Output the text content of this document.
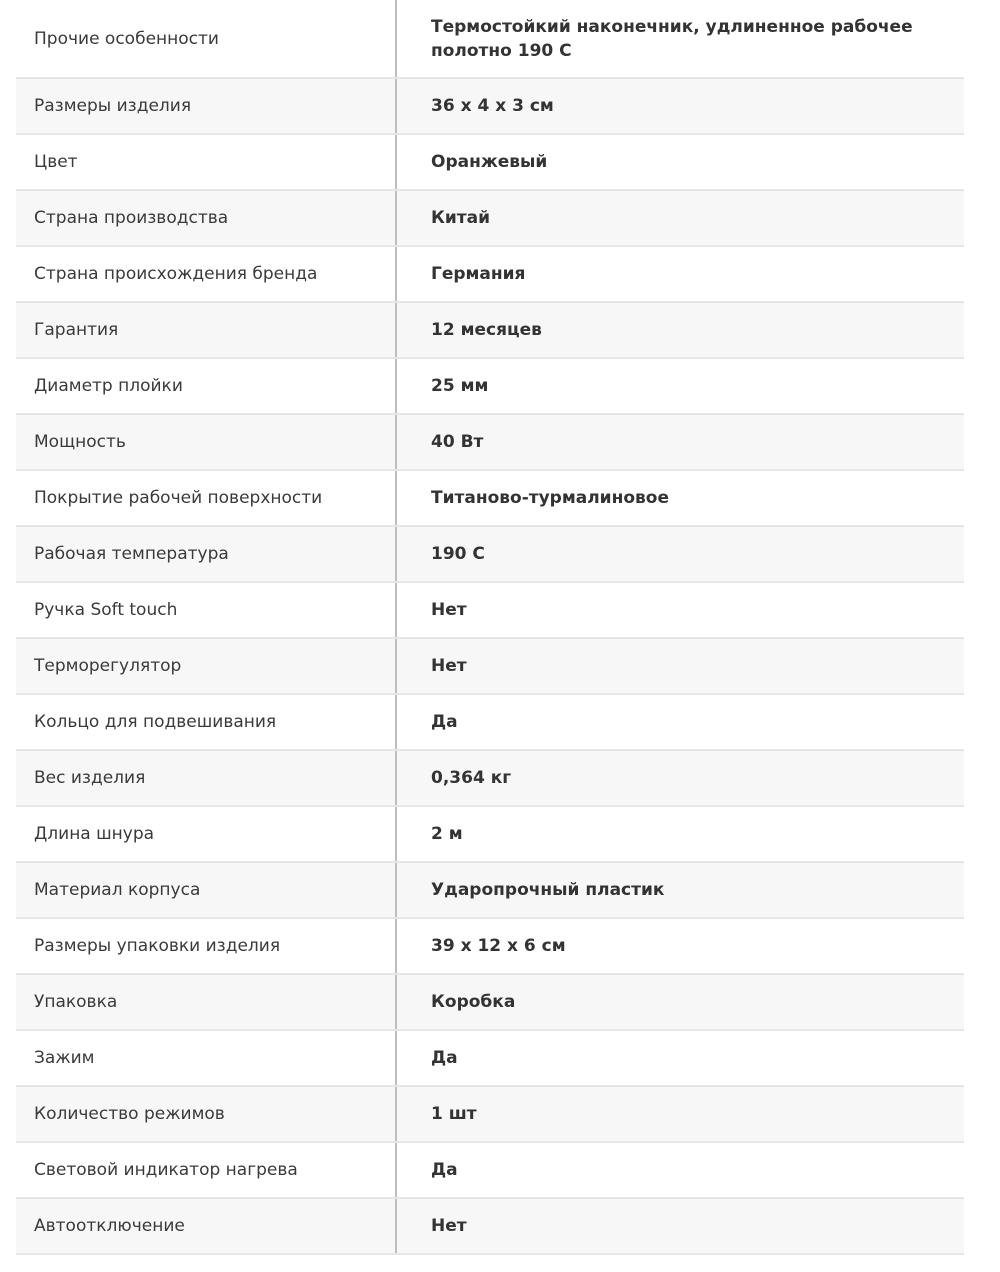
Прочие особенности	Термостойкий наконечник, удлиненное рабочее полотно 190 С
Размеры изделия	36 х 4 х 3 см
Цвет	Оранжевый
Страна производства	Китай
Страна происхождения бренда	Германия
Гарантия	12 месяцев
Диаметр плойки	25 мм
Мощность	40 Вт
Покрытие рабочей поверхности	Титаново-турмалиновое
Рабочая температура	190 С
Ручка Soft touch	Нет
Терморегулятор	Нет
Кольцо для подвешивания	Да
Вес изделия	0,364 кг
Длина шнура	2 м
Материал корпуса	Ударопрочный пластик
Размеры упаковки изделия	39 х 12 х 6 см
Упаковка	Коробка
Зажим	Да
Количество режимов	1 шт
Световой индикатор нагрева	Да
Автоотключение	Нет
